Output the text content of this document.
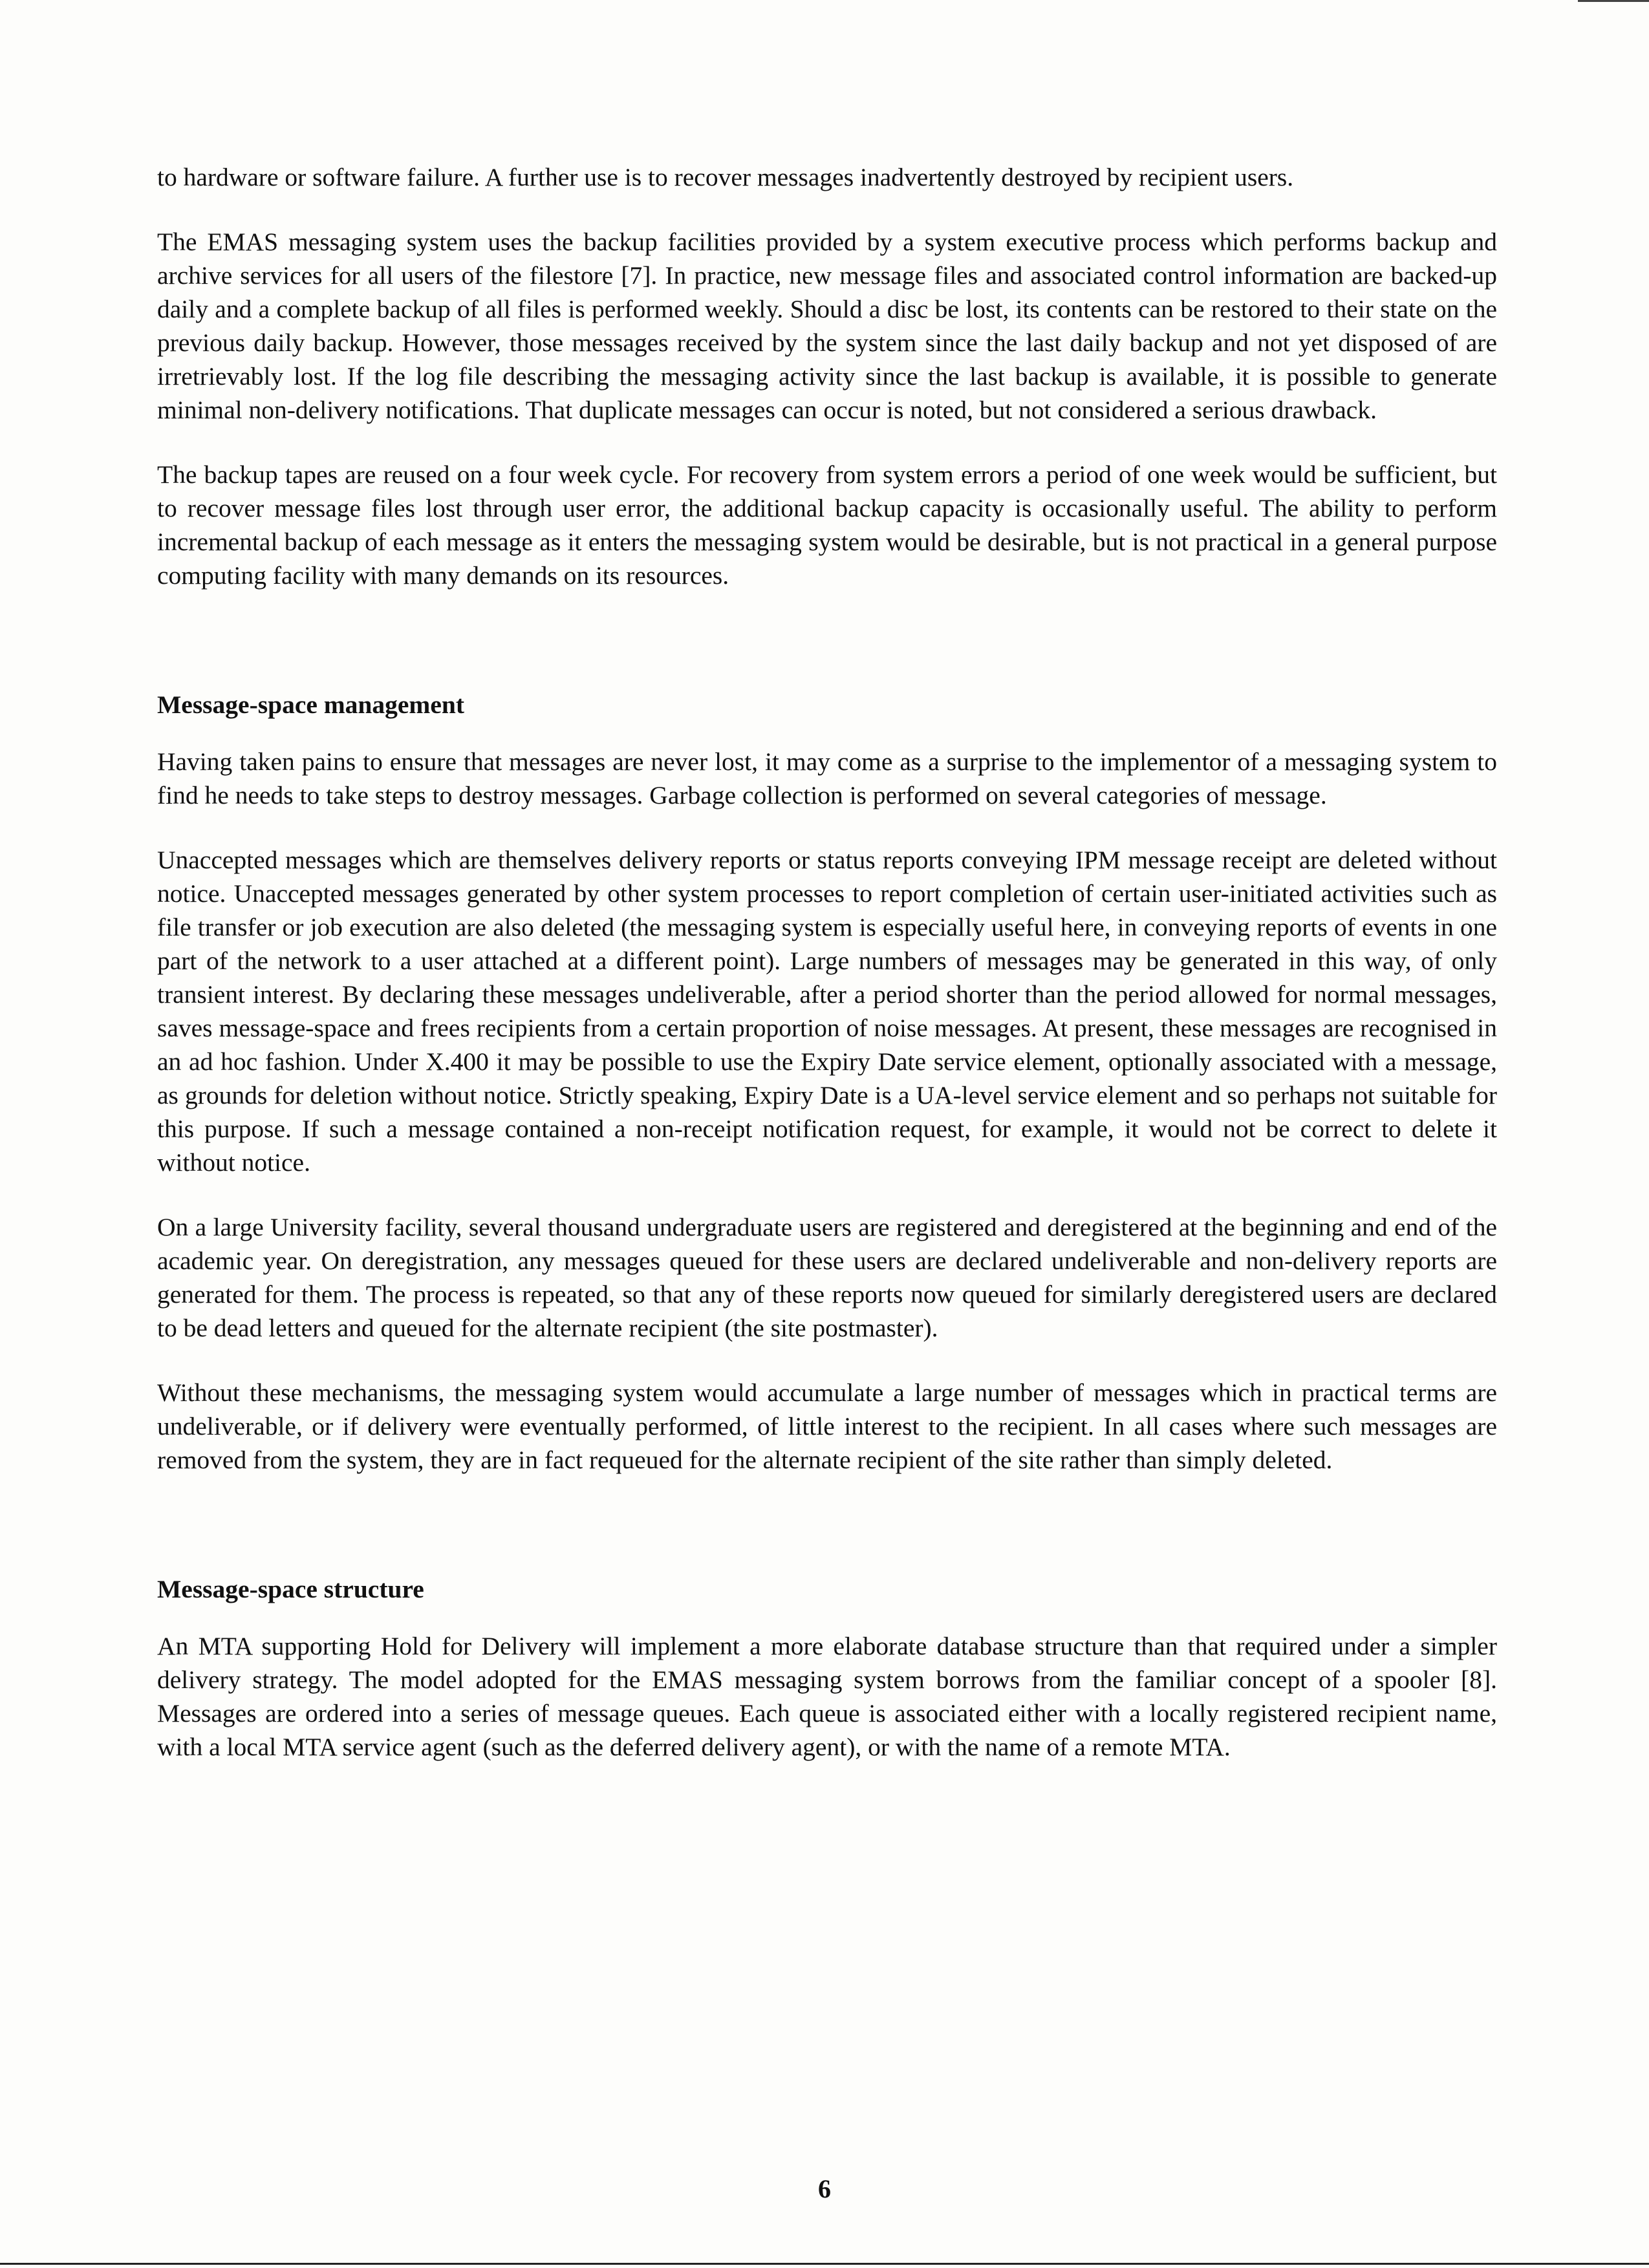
to hardware or software failure. A further use is to recover messages inadvertently destroyed by recipient users.

The EMAS messaging system uses the backup facilities provided by a system executive process which performs backup and archive services for all users of the filestore [7]. In practice, new message files and associated control information are backed-up daily and a complete backup of all files is performed weekly. Should a disc be lost, its contents can be restored to their state on the previous daily backup. However, those messages received by the system since the last daily backup and not yet disposed of are irretrievably lost. If the log file describing the messaging activity since the last backup is available, it is possible to generate minimal non-delivery notifications. That duplicate messages can occur is noted, but not considered a serious drawback.

The backup tapes are reused on a four week cycle. For recovery from system errors a period of one week would be sufficient, but to recover message files lost through user error, the additional backup capacity is occasionally useful. The ability to perform incremental backup of each message as it enters the messaging system would be desirable, but is not practical in a general purpose computing facility with many demands on its resources.

Message-space management

Having taken pains to ensure that messages are never lost, it may come as a surprise to the implementor of a messaging system to find he needs to take steps to destroy messages. Garbage collection is performed on several categories of message.

Unaccepted messages which are themselves delivery reports or status reports conveying IPM message receipt are deleted without notice. Unaccepted messages generated by other system processes to report completion of certain user-initiated activities such as file transfer or job execution are also deleted (the messaging system is especially useful here, in conveying reports of events in one part of the network to a user attached at a different point). Large numbers of messages may be generated in this way, of only transient interest. By declaring these messages undeliverable, after a period shorter than the period allowed for normal messages, saves message-space and frees recipients from a certain proportion of noise messages. At present, these messages are recognised in an ad hoc fashion. Under X.400 it may be possible to use the Expiry Date service element, optionally associated with a message, as grounds for deletion without notice. Strictly speaking, Expiry Date is a UA-level service element and so perhaps not suitable for this purpose. If such a message contained a non-receipt notification request, for example, it would not be correct to delete it without notice.

On a large University facility, several thousand undergraduate users are registered and deregistered at the beginning and end of the academic year. On deregistration, any messages queued for these users are declared undeliverable and non-delivery reports are generated for them. The process is repeated, so that any of these reports now queued for similarly deregistered users are declared to be dead letters and queued for the alternate recipient (the site postmaster).

Without these mechanisms, the messaging system would accumulate a large number of messages which in practical terms are undeliverable, or if delivery were eventually performed, of little interest to the recipient. In all cases where such messages are removed from the system, they are in fact requeued for the alternate recipient of the site rather than simply deleted.

Message-space structure

An MTA supporting Hold for Delivery will implement a more elaborate database structure than that required under a simpler delivery strategy. The model adopted for the EMAS messaging system borrows from the familiar concept of a spooler [8]. Messages are ordered into a series of message queues. Each queue is associated either with a locally registered recipient name, with a local MTA service agent (such as the deferred delivery agent), or with the name of a remote MTA.

6
